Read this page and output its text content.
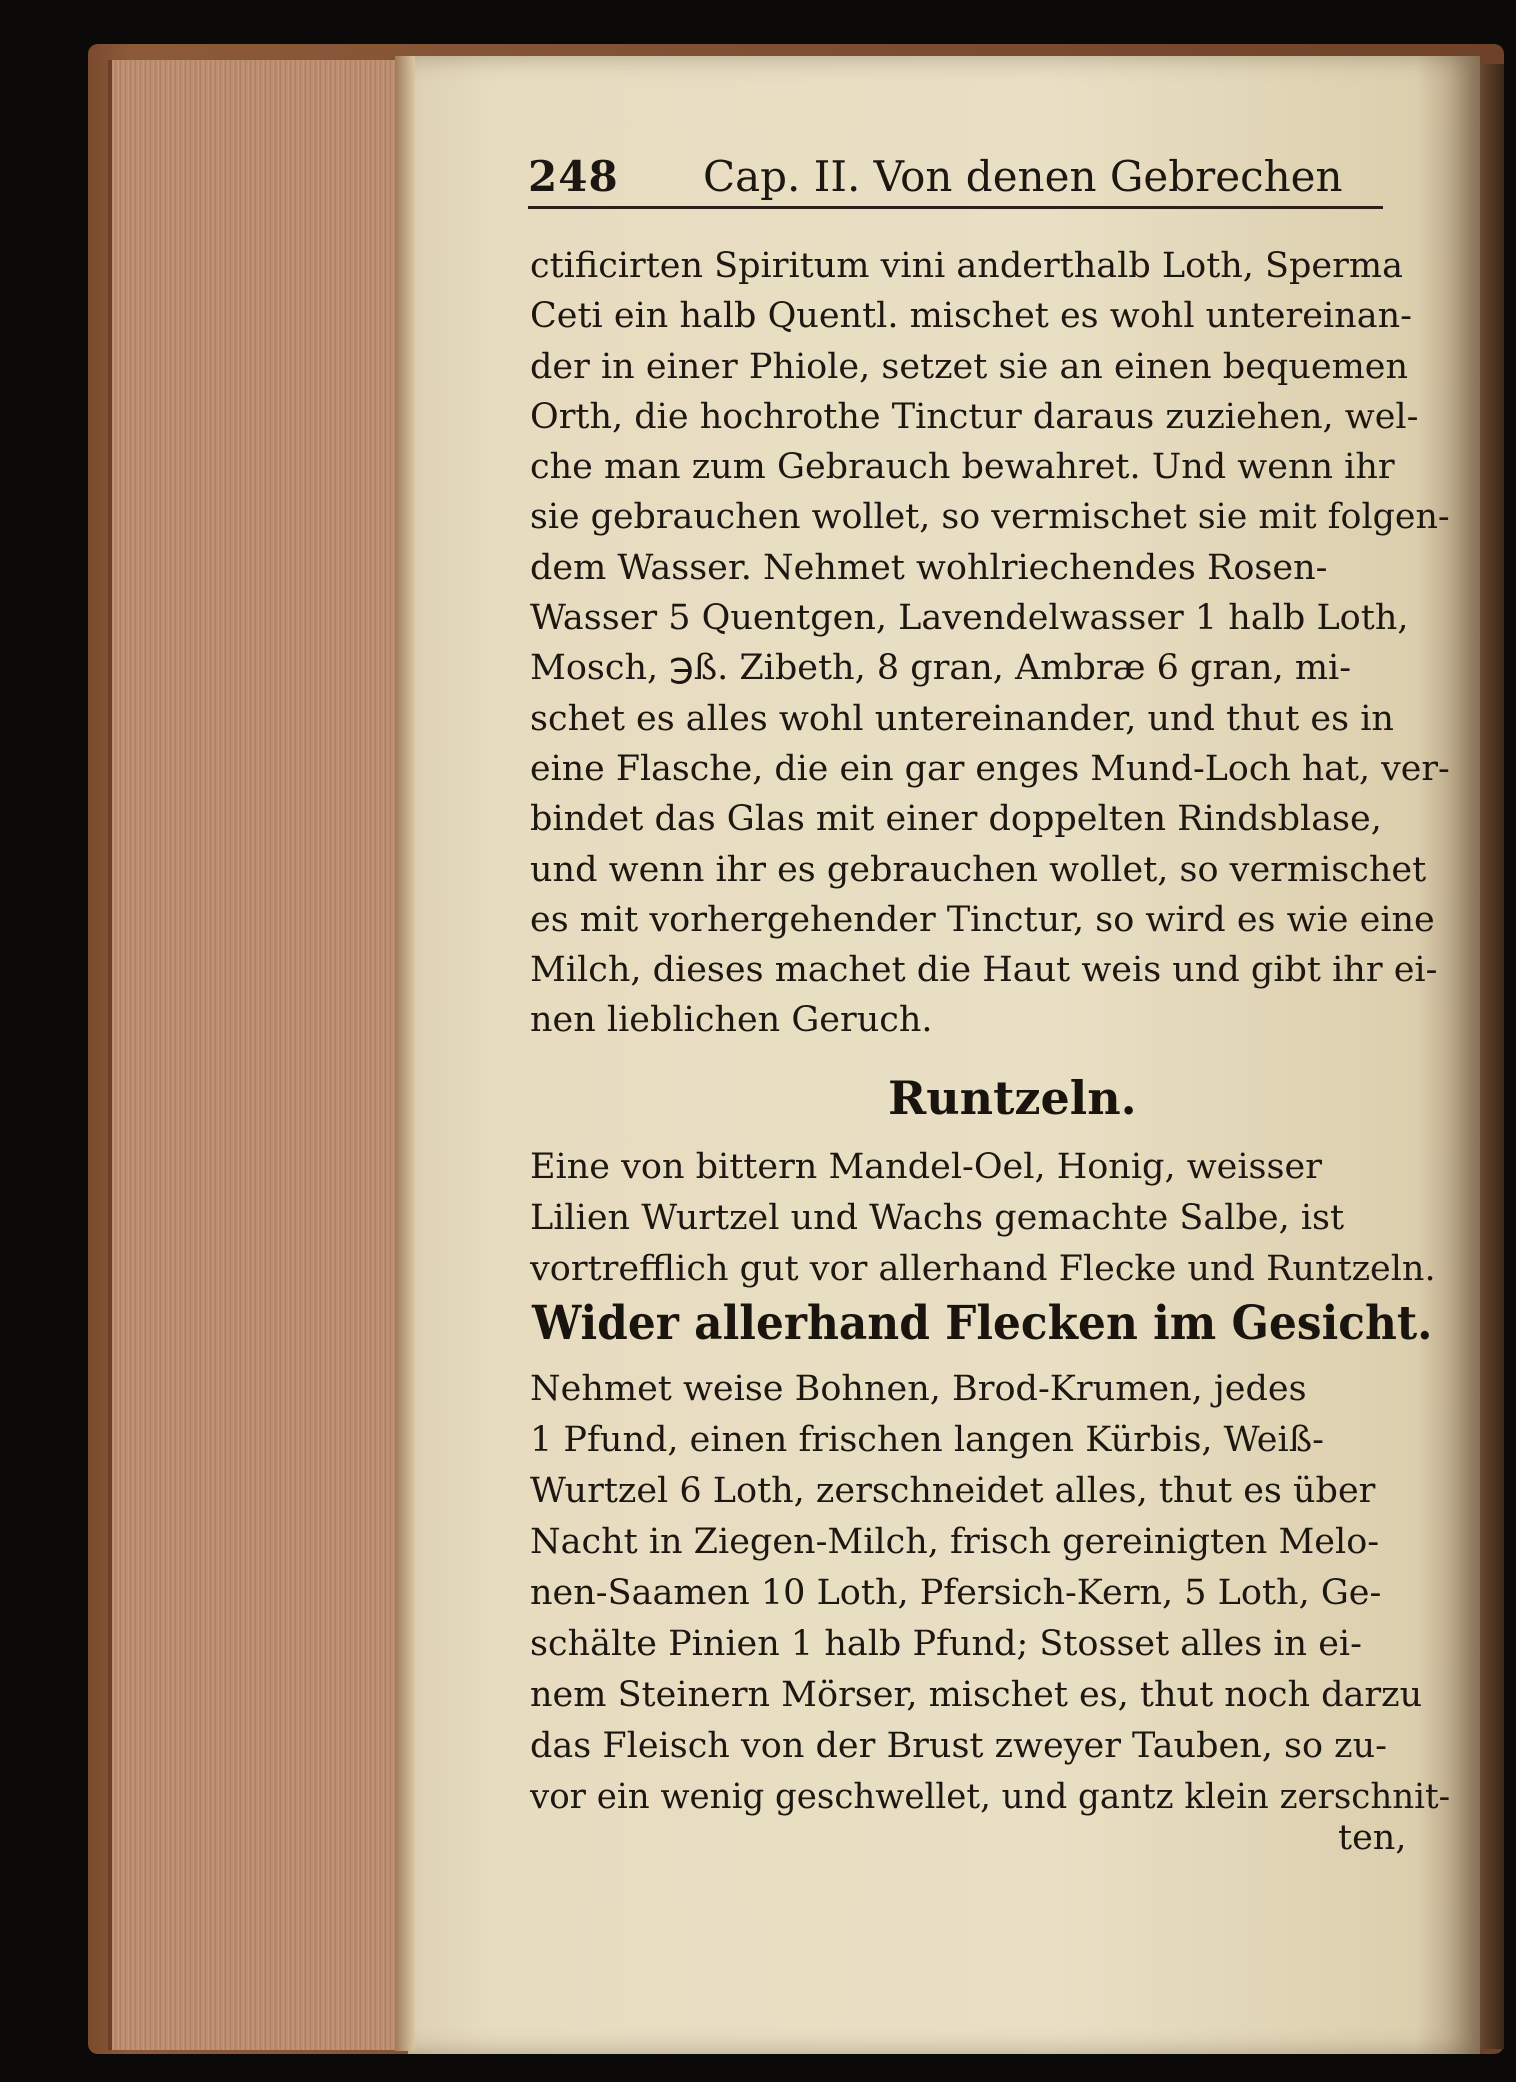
248 Cap. II. Von denen Gebrechen
ctificirten Spiritum vini anderthalb Loth, Sperma
Ceti ein halb Quentl. mischet es wohl untereinan-
der in einer Phiole, setzet sie an einen bequemen
Orth, die hochrothe Tinctur daraus zuziehen, wel-
che man zum Gebrauch bewahret. Und wenn ihr
sie gebrauchen wollet, so vermischet sie mit folgen-
dem Wasser. Nehmet wohlriechendes Rosen-
Wasser 5 Quentgen, Lavendelwasser 1 halb Loth,
Mosch, ℈ß. Zibeth, 8 gran, Ambræ 6 gran, mi-
schet es alles wohl untereinander, und thut es in
eine Flasche, die ein gar enges Mund-Loch hat, ver-
bindet das Glas mit einer doppelten Rindsblase,
und wenn ihr es gebrauchen wollet, so vermischet
es mit vorhergehender Tinctur, so wird es wie eine
Milch, dieses machet die Haut weis und gibt ihr ei-
nen lieblichen Geruch.
Runtzeln.
Eine von bittern Mandel-Oel, Honig, weisser
Lilien Wurtzel und Wachs gemachte Salbe, ist
vortrefflich gut vor allerhand Flecke und Runtzeln.
Wider allerhand Flecken im Gesicht.
Nehmet weise Bohnen, Brod-Krumen, jedes
1 Pfund, einen frischen langen Kürbis, Weiß-
Wurtzel 6 Loth, zerschneidet alles, thut es über
Nacht in Ziegen-Milch, frisch gereinigten Melo-
nen-Saamen 10 Loth, Pfersich-Kern, 5 Loth, Ge-
schälte Pinien 1 halb Pfund; Stosset alles in ei-
nem Steinern Mörser, mischet es, thut noch darzu
das Fleisch von der Brust zweyer Tauben, so zu-
vor ein wenig geschwellet, und gantz klein zerschnit-
ten,
